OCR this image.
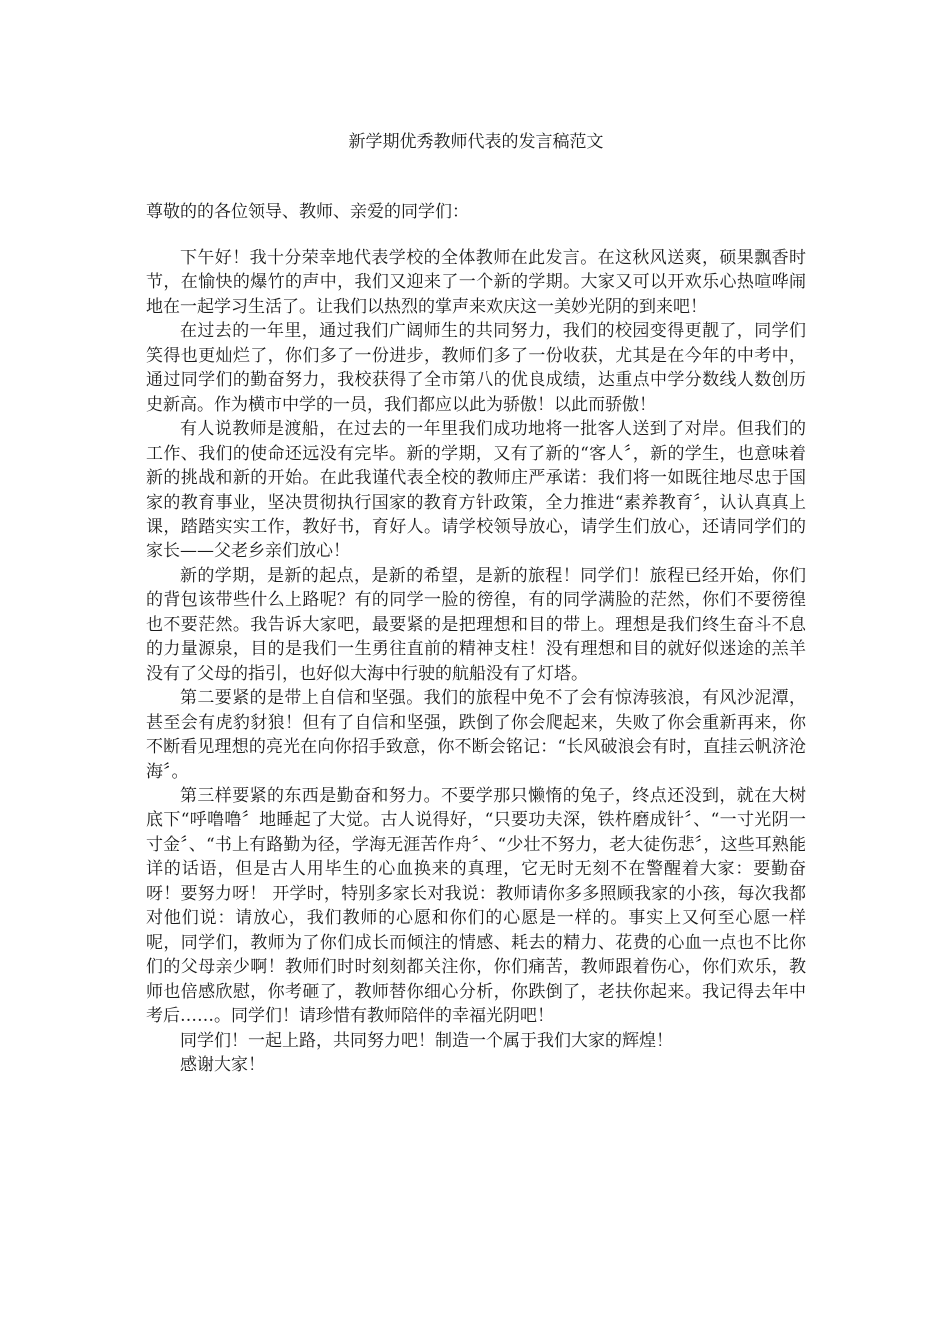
新学期优秀教师代表的发言稿范文
尊敬的的各位领导、教师、亲爱的同学们：

下午好！我十分荣幸地代表学校的全体教师在此发言。在这秋风送爽，硕果飘香时节，在愉快的爆竹的声中，我们又迎来了一个新的学期。大家又可以开欢乐心热喧哗闹地在一起学习生活了。让我们以热烈的掌声来欢庆这一美妙光阴的到来吧！

在过去的一年里，通过我们广阔师生的共同努力，我们的校园变得更靓了，同学们笑得也更灿烂了，你们多了一份进步，教师们多了一份收获，尤其是在今年的中考中，通过同学们的勤奋努力，我校获得了全市第八的优良成绩，达重点中学分数线人数创历史新高。作为横市中学的一员，我们都应以此为骄傲！以此而骄傲！

有人说教师是渡船，在过去的一年里我们成功地将一批客人送到了对岸。但我们的工作、我们的使命还远没有完毕。新的学期，又有了新的“客人〞，新的学生，也意味着新的挑战和新的开始。在此我谨代表全校的教师庄严承诺：我们将一如既往地尽忠于国家的教育事业，坚决贯彻执行国家的教育方针政策，全力推进“素养教育〞，认认真真上课，踏踏实实工作，教好书，育好人。请学校领导放心，请学生们放心，还请同学们的家长——父老乡亲们放心！

新的学期，是新的起点，是新的希望，是新的旅程！同学们！旅程已经开始，你们的背包该带些什么上路呢？有的同学一脸的徬徨，有的同学满脸的茫然，你们不要徬徨也不要茫然。我告诉大家吧，最要紧的是把理想和目的带上。理想是我们终生奋斗不息的力量源泉，目的是我们一生勇往直前的精神支柱！没有理想和目的就好似迷途的羔羊没有了父母的指引，也好似大海中行驶的航船没有了灯塔。

第二要紧的是带上自信和坚强。我们的旅程中免不了会有惊涛骇浪，有风沙泥潭，甚至会有虎豹豺狼！但有了自信和坚强，跌倒了你会爬起来，失败了你会重新再来，你不断看见理想的亮光在向你招手致意，你不断会铭记：“长风破浪会有时，直挂云帆济沧海〞。

第三样要紧的东西是勤奋和努力。不要学那只懒惰的兔子，终点还没到，就在大树底下“呼噜噜〞地睡起了大觉。古人说得好，“只要功夫深，铁杵磨成针〞、“一寸光阴一寸金〞、“书上有路勤为径，学海无涯苦作舟〞、“少壮不努力，老大徒伤悲〞，这些耳熟能详的话语，但是古人用毕生的心血换来的真理，它无时无刻不在警醒着大家：要勤奋呀！要努力呀！ 开学时，特别多家长对我说：教师请你多多照顾我家的小孩，每次我都对他们说：请放心，我们教师的心愿和你们的心愿是一样的。事实上又何至心愿一样呢，同学们，教师为了你们成长而倾注的情感、耗去的精力、花费的心血一点也不比你们的父母亲少啊！教师们时时刻刻都关注你，你们痛苦，教师跟着伤心，你们欢乐，教师也倍感欣慰，你考砸了，教师替你细心分析，你跌倒了，老扶你起来。我记得去年中考后……。同学们！请珍惜有教师陪伴的幸福光阴吧！

同学们！一起上路，共同努力吧！制造一个属于我们大家的辉煌！

感谢大家！
